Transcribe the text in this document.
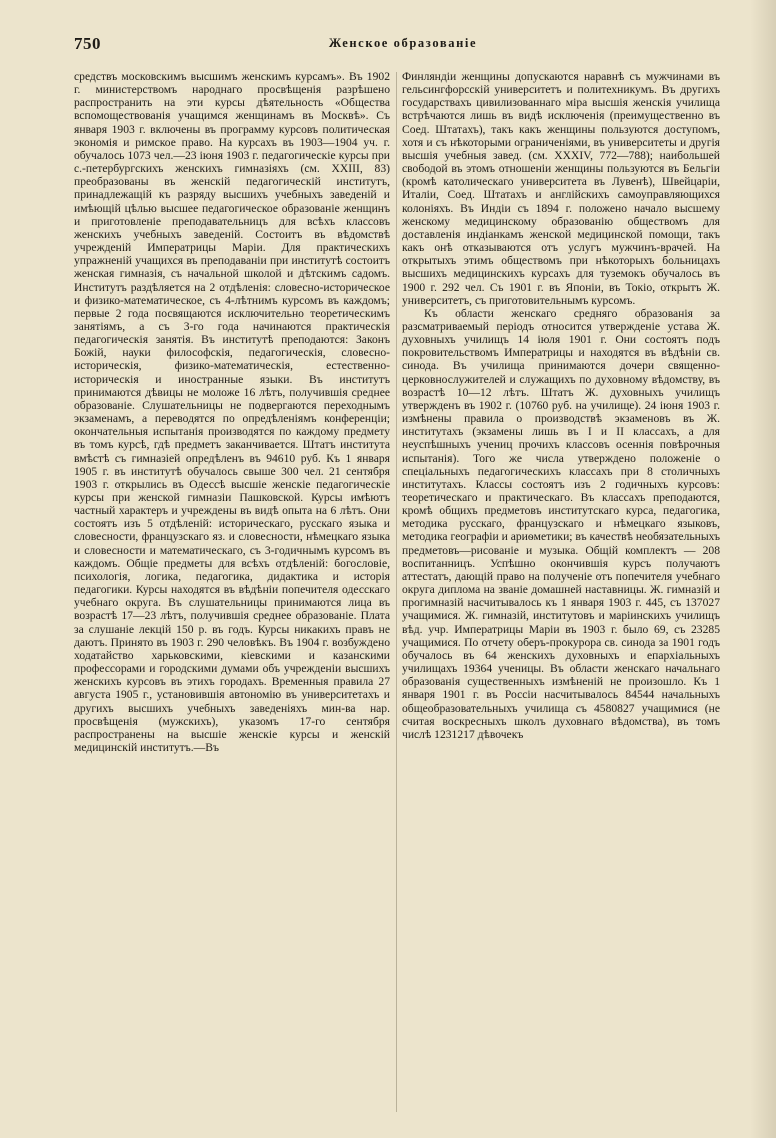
750	Женское образованіе

средствъ московскимъ высшимъ женскимъ курсамъ». Въ 1902 г. министерствомъ народнаго просвѣщенія разрѣшено распространить на эти курсы дѣятельность «Общества вспомоществованія учащимся женщинамъ въ Москвѣ». Съ января 1903 г. включены въ программу курсовъ политическая экономія и римское право. На курсахъ въ 1903—1904 уч. г. обучалось 1073 чел.—23 іюня 1903 г. педагогическіе курсы при с.-петербургскихъ женскихъ гимназіяхъ (см. XXIII, 83) преобразованы въ женскій педагогическій институтъ, принадлежащій къ разряду высшихъ учебныхъ заведеній и имѣющій цѣлью высшее педагогическое образованіе женщинъ и приготовленіе преподавательницъ для всѣхъ классовъ женскихъ учебныхъ заведеній. Состоитъ въ вѣдомствѣ учрежденій Императрицы Маріи. Для практическихъ упражненій учащихся въ преподаваніи при институтѣ состоитъ женская гимназія, съ начальной школой и дѣтскимъ садомъ. Институтъ раздѣляется на 2 отдѣленія: словесно-историческое и физико-математическое, съ 4-лѣтнимъ курсомъ въ каждомъ; первые 2 года посвящаются исключительно теоретическимъ занятіямъ, а съ 3-го года начинаются практическія педагогическія занятія. Въ институтѣ преподаются: Законъ Божій, науки философскія, педагогическія, словесно-историческія, физико-математическія, естественно-историческія и иностранные языки. Въ институтъ принимаются дѣвицы не моложе 16 лѣтъ, получившія среднее образованіе. Слушательницы не подвергаются переходнымъ экзаменамъ, а переводятся по опредѣленіямъ конференціи; окончательныя испытанія производятся по каждому предмету въ томъ курсѣ, гдѣ предметъ заканчивается. Штатъ института вмѣстѣ съ гимназіей опредѣленъ въ 94610 руб. Къ 1 января 1905 г. въ институтѣ обучалось свыше 300 чел. 21 сентября 1903 г. открылись въ Одессѣ высшіе женскіе педагогическіе курсы при женской гимназіи Пашковской. Курсы имѣютъ частный характеръ и учреждены въ видѣ опыта на 6 лѣтъ. Они состоятъ изъ 5 отдѣленій: историческаго, русскаго языка и словесности, французскаго яз. и словесности, нѣмецкаго языка и словесности и математическаго, съ 3-годичнымъ курсомъ въ каждомъ. Общіе предметы для всѣхъ отдѣленій: богословіе, психологія, логика, педагогика, дидактика и исторія педагогики. Курсы находятся въ вѣдѣніи попечителя одесскаго учебнаго округа. Въ слушательницы принимаются лица въ возрастѣ 17—23 лѣтъ, получившія среднее образованіе. Плата за слушаніе лекцій 150 р. въ годъ. Курсы никакихъ правъ не даютъ. Принято въ 1903 г. 290 человѣкъ. Въ 1904 г. возбуждено ходатайство харьковскими, кіевскими и казанскими профессорами и городскими думами объ учрежденіи высшихъ женскихъ курсовъ въ этихъ городахъ. Временныя правила 27 августа 1905 г., установившія автономію въ университетахъ и другихъ высшихъ учебныхъ заведеніяхъ мин-ва нар. просвѣщенія (мужскихъ), указомъ 17-го сентября распространены на высшіе женскіе курсы и женскій медицинскій институтъ.—Въ

Финляндіи женщины допускаются наравнѣ съ мужчинами въ гельсингфорсскій университетъ и политехникумъ. Въ другихъ государствахъ цивилизованнаго міра высшія женскія училища встрѣчаются лишь въ видѣ исключенія (преимущественно въ Соед. Штатахъ), такъ какъ женщины пользуются доступомъ, хотя и съ нѣкоторыми ограниченіями, въ университеты и другія высшія учебныя завед. (см. XXXIV, 772—788); наибольшей свободой въ этомъ отношеніи женщины пользуются въ Бельгіи (кромѣ католическаго университета въ Лувенѣ), Швейцаріи, Италіи, Соед. Штатахъ и англійскихъ самоуправляющихся колоніяхъ. Въ Индіи съ 1894 г. положено начало высшему женскому медицинскому образованію обществомъ для доставленія индіанкамъ женской медицинской помощи, такъ какъ онѣ отказываются отъ услугъ мужчинъ-врачей. На открытыхъ этимъ обществомъ при нѣкоторыхъ больницахъ высшихъ медицинскихъ курсахъ для туземокъ обучалось въ 1900 г. 292 чел. Съ 1901 г. въ Японіи, въ Токіо, открытъ Ж. университетъ, съ приготовительнымъ курсомъ.

Къ области женскаго средняго образованія за разсматриваемый періодъ относится утвержденіе устава Ж. духовныхъ училищъ 14 іюля 1901 г. Они состоятъ подъ покровительствомъ Императрицы и находятся въ вѣдѣніи св. синода. Въ училища принимаются дочери священно-церковнослужителей и служащихъ по духовному вѣдомству, въ возрастѣ 10—12 лѣтъ. Штатъ Ж. духовныхъ училищъ утвержденъ въ 1902 г. (10760 руб. на училище). 24 іюня 1903 г. измѣнены правила о производствѣ экзаменовъ въ Ж. институтахъ (экзамены лишь въ I и II классахъ, а для неуспѣшныхъ учениц прочихъ классовъ осеннія повѣрочныя испытанія). Того же числа утверждено положеніе о спеціальныхъ педагогическихъ классахъ при 8 столичныхъ институтахъ. Классы состоятъ изъ 2 годичныхъ курсовъ: теоретическаго и практическаго. Въ классахъ преподаются, кромѣ общихъ предметовъ институтскаго курса, педагогика, методика русскаго, французскаго и нѣмецкаго языковъ, методика географіи и ариѳметики; въ качествѣ необязательныхъ предметовъ—рисованіе и музыка. Общій комплектъ — 208 воспитанницъ. Успѣшно окончившія курсъ получаютъ аттестатъ, дающій право на полученіе отъ попечителя учебнаго округа диплома на званіе домашней наставницы. Ж. гимназій и прогимназій насчитывалось къ 1 января 1903 г. 445, съ 137027 учащимися. Ж. гимназій, институтовъ и маріинскихъ училищъ вѣд. учр. Императрицы Маріи въ 1903 г. было 69, съ 23285 учащимися. По отчету оберъ-прокурора св. синода за 1901 годъ обучалось въ 64 женскихъ духовныхъ и епархіальныхъ училищахъ 19364 ученицы. Въ области женскаго начальнаго образованія существенныхъ измѣненій не произошло. Къ 1 января 1901 г. въ Россіи насчитывалось 84544 начальныхъ общеобразовательныхъ училища съ 4580827 учащимися (не считая воскресныхъ школъ духовнаго вѣдомства), въ томъ числѣ 1231217 дѣвочекъ
